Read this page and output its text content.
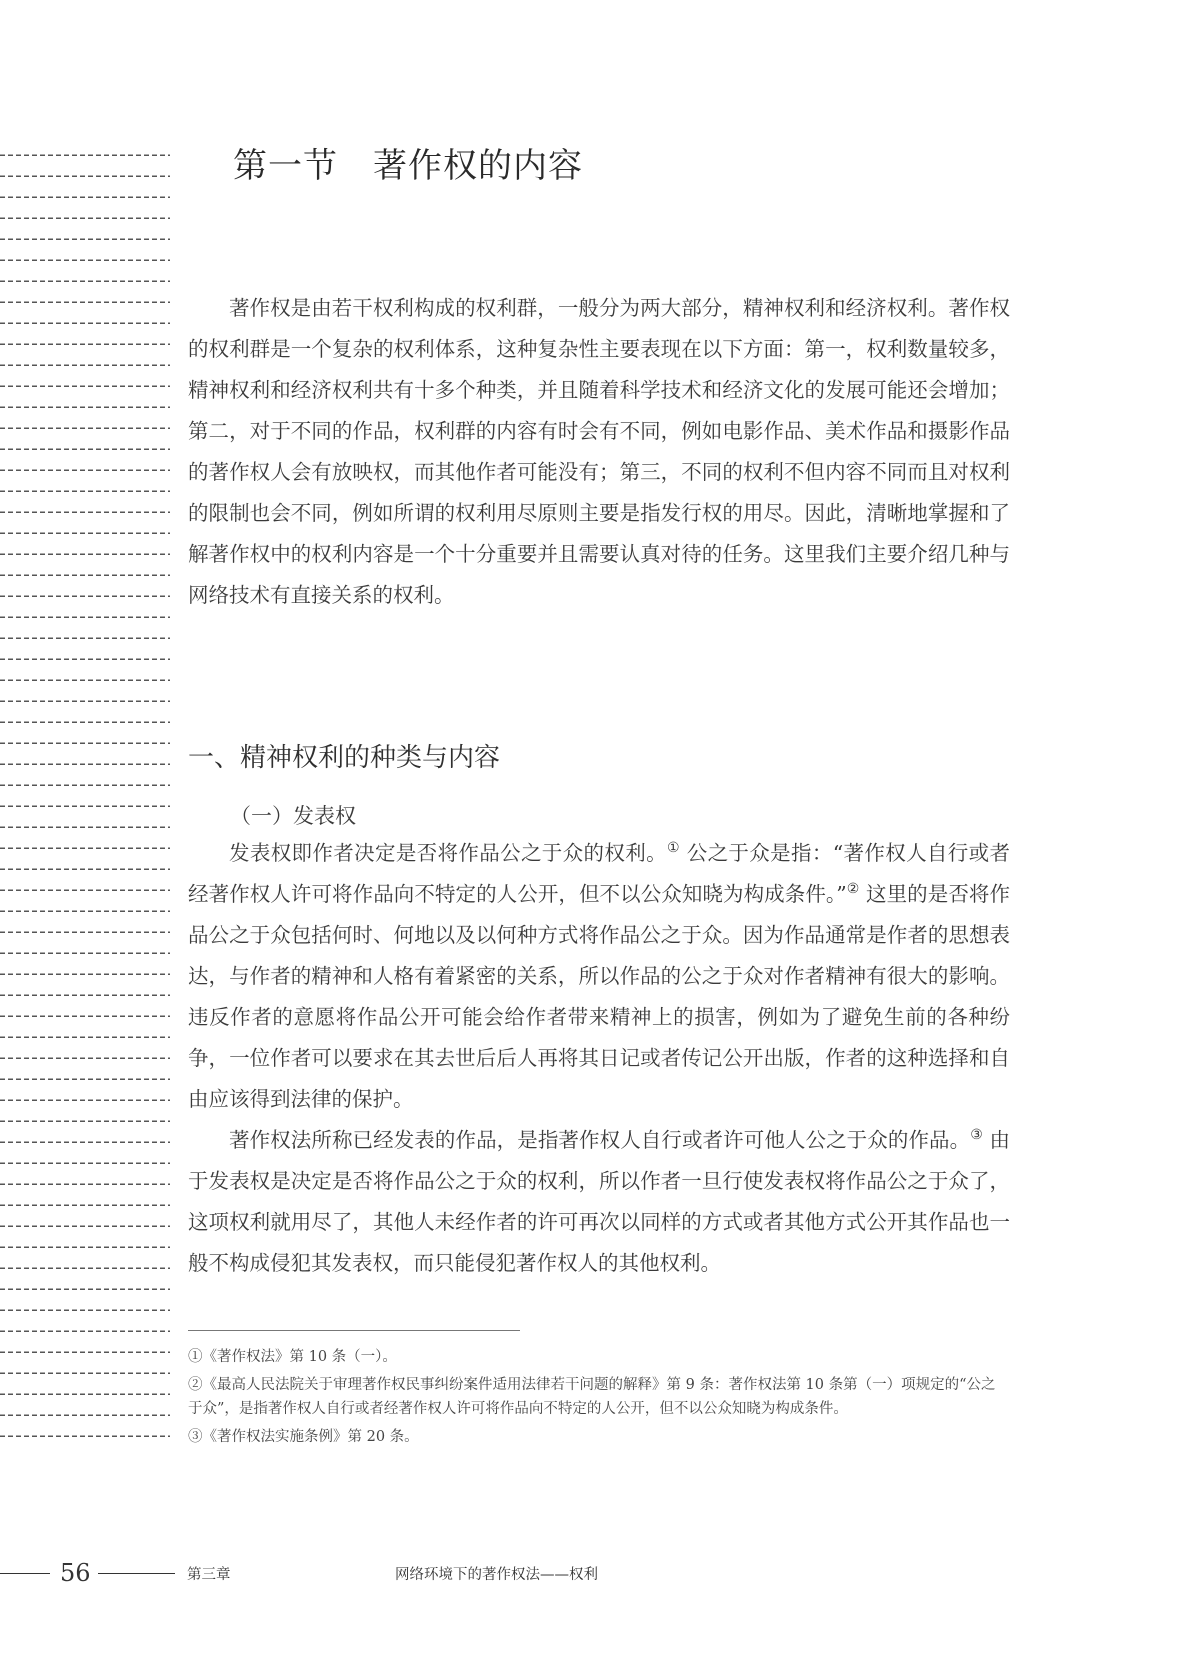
第一节　著作权的内容

著作权是由若干权利构成的权利群，一般分为两大部分，精神权利和经济权利。著作权的权利群是一个复杂的权利体系，这种复杂性主要表现在以下方面：第一，权利数量较多，精神权利和经济权利共有十多个种类，并且随着科学技术和经济文化的发展可能还会增加；第二，对于不同的作品，权利群的内容有时会有不同，例如电影作品、美术作品和摄影作品的著作权人会有放映权，而其他作者可能没有；第三，不同的权利不但内容不同而且对权利的限制也会不同，例如所谓的权利用尽原则主要是指发行权的用尽。因此，清晰地掌握和了解著作权中的权利内容是一个十分重要并且需要认真对待的任务。这里我们主要介绍几种与网络技术有直接关系的权利。

一、精神权利的种类与内容
（一）发表权

发表权即作者决定是否将作品公之于众的权利。① 公之于众是指：“著作权人自行或者经著作权人许可将作品向不特定的人公开，但不以公众知晓为构成条件。”② 这里的是否将作品公之于众包括何时、何地以及以何种方式将作品公之于众。因为作品通常是作者的思想表达，与作者的精神和人格有着紧密的关系，所以作品的公之于众对作者精神有很大的影响。违反作者的意愿将作品公开可能会给作者带来精神上的损害，例如为了避免生前的各种纷争，一位作者可以要求在其去世后后人再将其日记或者传记公开出版，作者的这种选择和自由应该得到法律的保护。

著作权法所称已经发表的作品，是指著作权人自行或者许可他人公之于众的作品。③ 由于发表权是决定是否将作品公之于众的权利，所以作者一旦行使发表权将作品公之于众了，这项权利就用尽了，其他人未经作者的许可再次以同样的方式或者其他方式公开其作品也一般不构成侵犯其发表权，而只能侵犯著作权人的其他权利。

①《著作权法》第 10 条（一）。
②《最高人民法院关于审理著作权民事纠纷案件适用法律若干问题的解释》第 9 条：著作权法第 10 条第（一）项规定的“公之于众”，是指著作权人自行或者经著作权人许可将作品向不特定的人公开，但不以公众知晓为构成条件。
③《著作权法实施条例》第 20 条。
56	第三章	网络环境下的著作权法——权利
